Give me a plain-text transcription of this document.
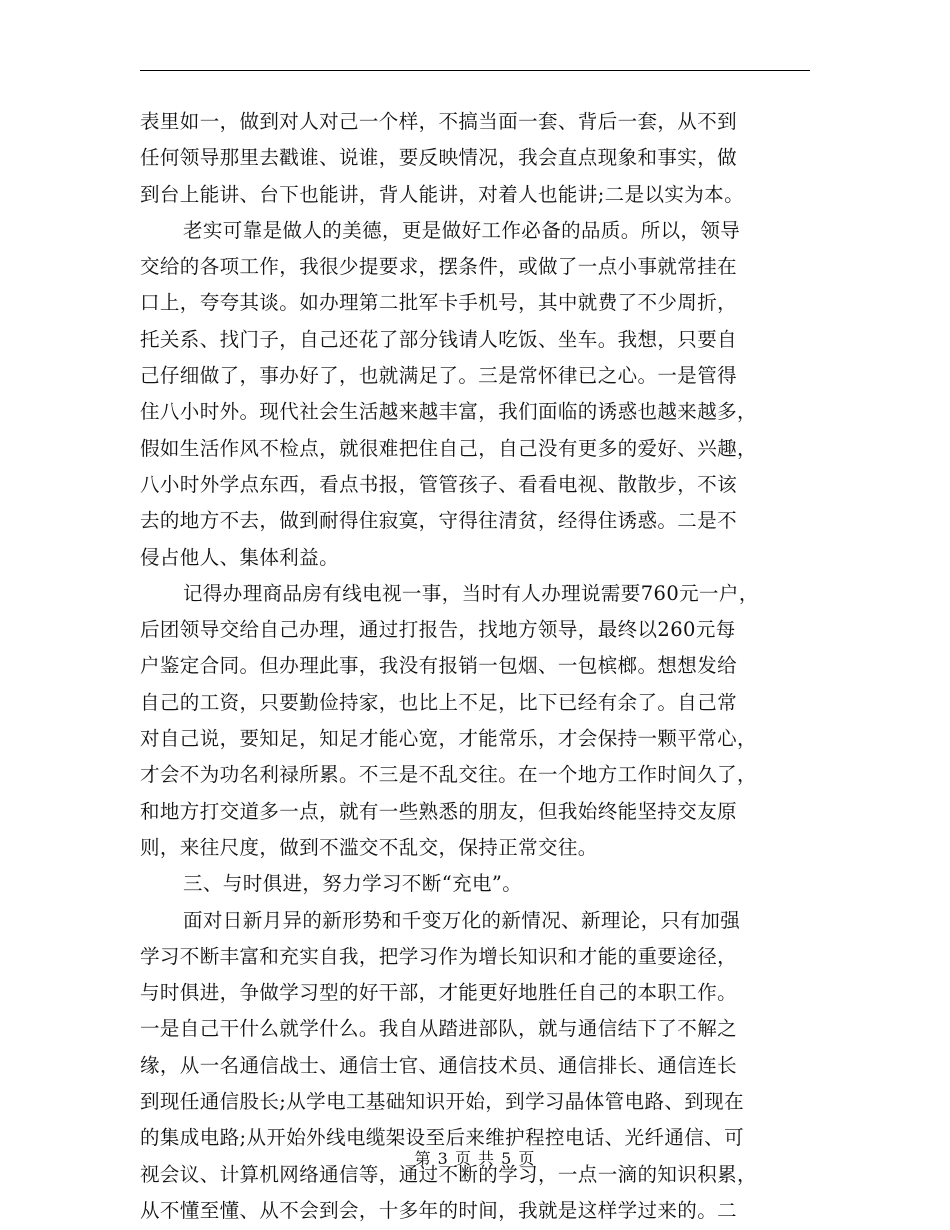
表里如一，做到对人对己一个样，不搞当面一套、背后一套，从不到
任何领导那里去戳谁、说谁，要反映情况，我会直点现象和事实，做
到台上能讲、台下也能讲，背人能讲，对着人也能讲;二是以实为本。
老实可靠是做人的美德，更是做好工作必备的品质。所以，领导
交给的各项工作，我很少提要求，摆条件，或做了一点小事就常挂在
口上，夸夸其谈。如办理第二批军卡手机号，其中就费了不少周折，
托关系、找门子，自己还花了部分钱请人吃饭、坐车。我想，只要自
己仔细做了，事办好了，也就满足了。三是常怀律已之心。一是管得
住八小时外。现代社会生活越来越丰富，我们面临的诱惑也越来越多，
假如生活作风不检点，就很难把住自己，自己没有更多的爱好、兴趣，
八小时外学点东西，看点书报，管管孩子、看看电视、散散步，不该
去的地方不去，做到耐得住寂寞，守得往清贫，经得住诱惑。二是不
侵占他人、集体利益。
记得办理商品房有线电视一事，当时有人办理说需要760元一户，
后团领导交给自己办理，通过打报告，找地方领导，最终以260元每
户鉴定合同。但办理此事，我没有报销一包烟、一包槟榔。想想发给
自己的工资，只要勤俭持家，也比上不足，比下已经有余了。自己常
对自己说，要知足，知足才能心宽，才能常乐，才会保持一颗平常心，
才会不为功名利禄所累。不三是不乱交往。在一个地方工作时间久了，
和地方打交道多一点，就有一些熟悉的朋友，但我始终能坚持交友原
则，来往尺度，做到不滥交不乱交，保持正常交往。
三、与时俱进，努力学习不断“充电”。
面对日新月异的新形势和千变万化的新情况、新理论，只有加强
学习不断丰富和充实自我，把学习作为增长知识和才能的重要途径，
与时俱进，争做学习型的好干部，才能更好地胜任自己的本职工作。
一是自己干什么就学什么。我自从踏进部队，就与通信结下了不解之
缘，从一名通信战士、通信士官、通信技术员、通信排长、通信连长
到现任通信股长;从学电工基础知识开始，到学习晶体管电路、到现在
的集成电路;从开始外线电缆架设至后来维护程控电话、光纤通信、可
视会议、计算机网络通信等，通过不断的学习，一点一滴的知识积累，
从不懂至懂、从不会到会，十多年的时间，我就是这样学过来的。二
第 3 页 共 5 页
